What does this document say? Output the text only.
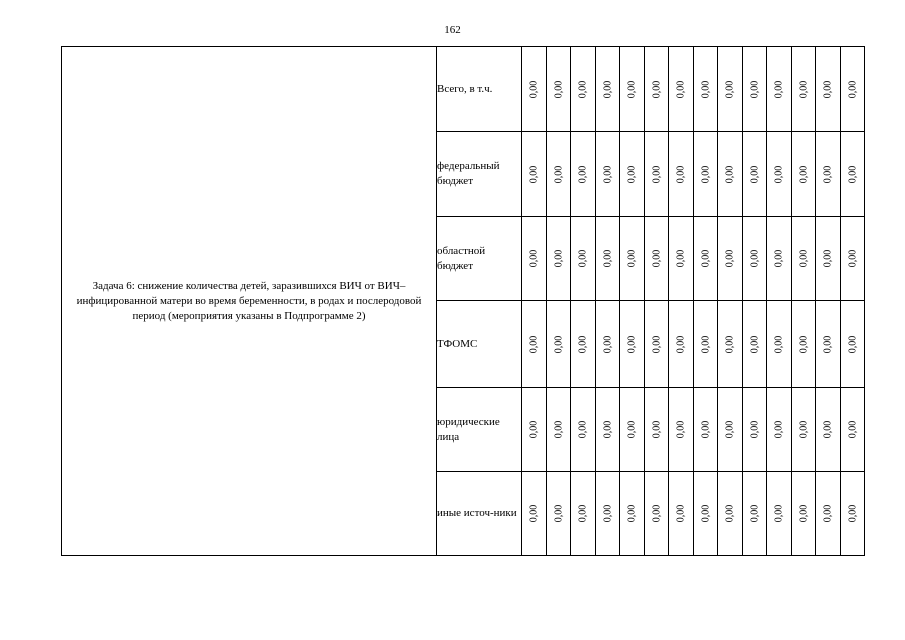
162
Задача 6: снижение количества детей, заразившихся ВИЧ от ВИЧ–инфицированной матери во время беременности, в родах и послеродовой период (мероприятия указаны в Подпрограмме 2)	Всего, в т.ч.	0,00	0,00	0,00	0,00	0,00	0,00	0,00	0,00	0,00	0,00	0,00	0,00	0,00	0,00
	федеральный бюджет	0,00	0,00	0,00	0,00	0,00	0,00	0,00	0,00	0,00	0,00	0,00	0,00	0,00	0,00
	областной бюджет	0,00	0,00	0,00	0,00	0,00	0,00	0,00	0,00	0,00	0,00	0,00	0,00	0,00	0,00
	ТФОМС	0,00	0,00	0,00	0,00	0,00	0,00	0,00	0,00	0,00	0,00	0,00	0,00	0,00	0,00
	юридические лица	0,00	0,00	0,00	0,00	0,00	0,00	0,00	0,00	0,00	0,00	0,00	0,00	0,00	0,00
	иные источ-ники	0,00	0,00	0,00	0,00	0,00	0,00	0,00	0,00	0,00	0,00	0,00	0,00	0,00	0,00
